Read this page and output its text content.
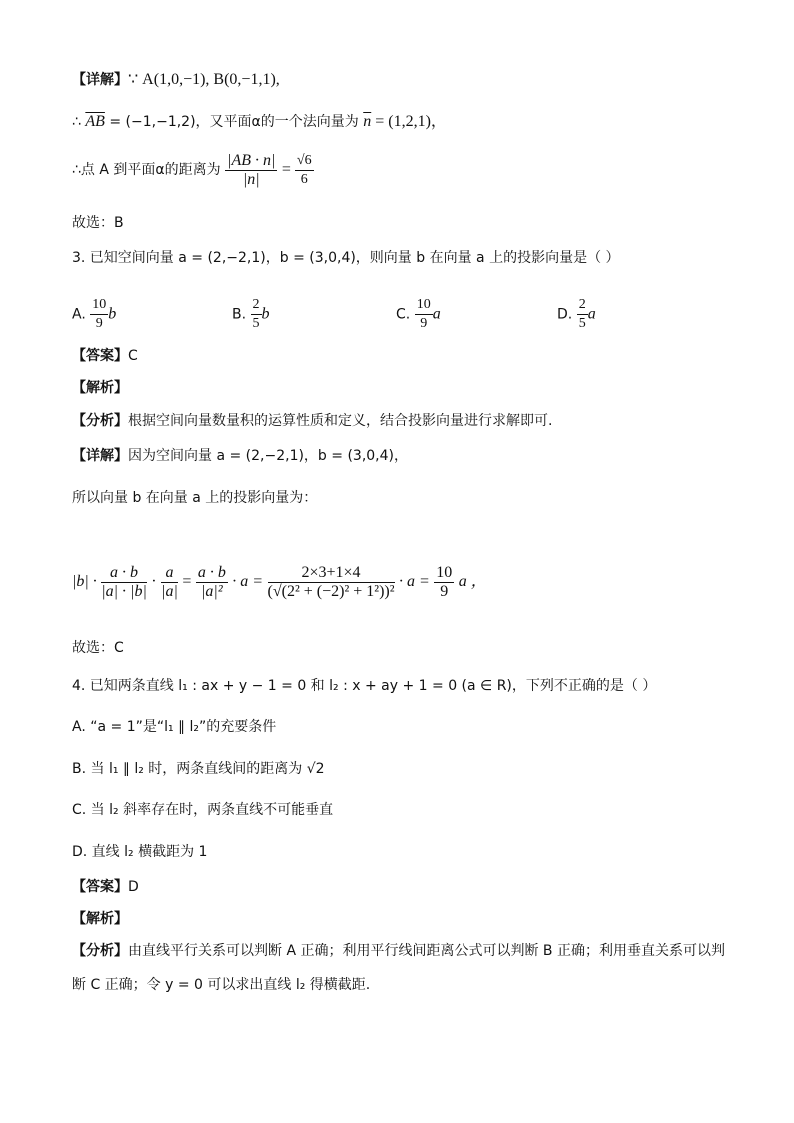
【详解】∵ A(1,0,−1), B(0,−1,1),
∴ $\overline{AB} = (-1,-1,2)$，又平面α的一个法向量为 $\overline{n} = (1,2,1)$，
∴点 A 到平面α的距离为 $\frac{|AB \cdot n|}{|n|} = \frac{√6}{6}$
故选：B
3. 已知空间向量 a = (2,−2,1)，b = (3,0,4)，则向量 b 在向量 a 上的投影向量是（ ）
A. $\frac{10}{9}$ b	B. $\frac{2}{5}$ b	C. $\frac{10}{9}$ a	D. $\frac{2}{5}$ a
【答案】C
【解析】
【分析】根据空间向量数量积的运算性质和定义，结合投影向量进行求解即可.
【详解】因为空间向量 a = (2,−2,1)，b = (3,0,4)，
所以向量 b 在向量 a 上的投影向量为：
$|b| \cdot \frac{a \cdot b}{|a| \cdot |b|} \cdot \frac{a}{|a|} = \frac{a \cdot b}{\text{|a|²}} \cdot a = \frac{2\times 3+1\times 4}{\text{(√(2² + (−2)² + 1²))²}} \cdot a = \frac{10}{9}$ a ，
故选：C
4. 已知两条直线 l₁ : ax + y − 1 = 0 和 l₂ : x + ay + 1 = 0 (a ∈ R)，下列不正确的是（ ）
A. “a = 1”是“l₁ ∥ l₂”的充要条件
B. 当 l₁ ∥ l₂ 时，两条直线间的距离为 √2
C. 当 l₂ 斜率存在时，两条直线不可能垂直
D. 直线 l₂ 横截距为 1
【答案】D
【解析】
【分析】由直线平行关系可以判断 A 正确；利用平行线间距离公式可以判断 B 正确；利用垂直关系可以判
断 C 正确；令 y = 0 可以求出直线 l₂ 得横截距.
